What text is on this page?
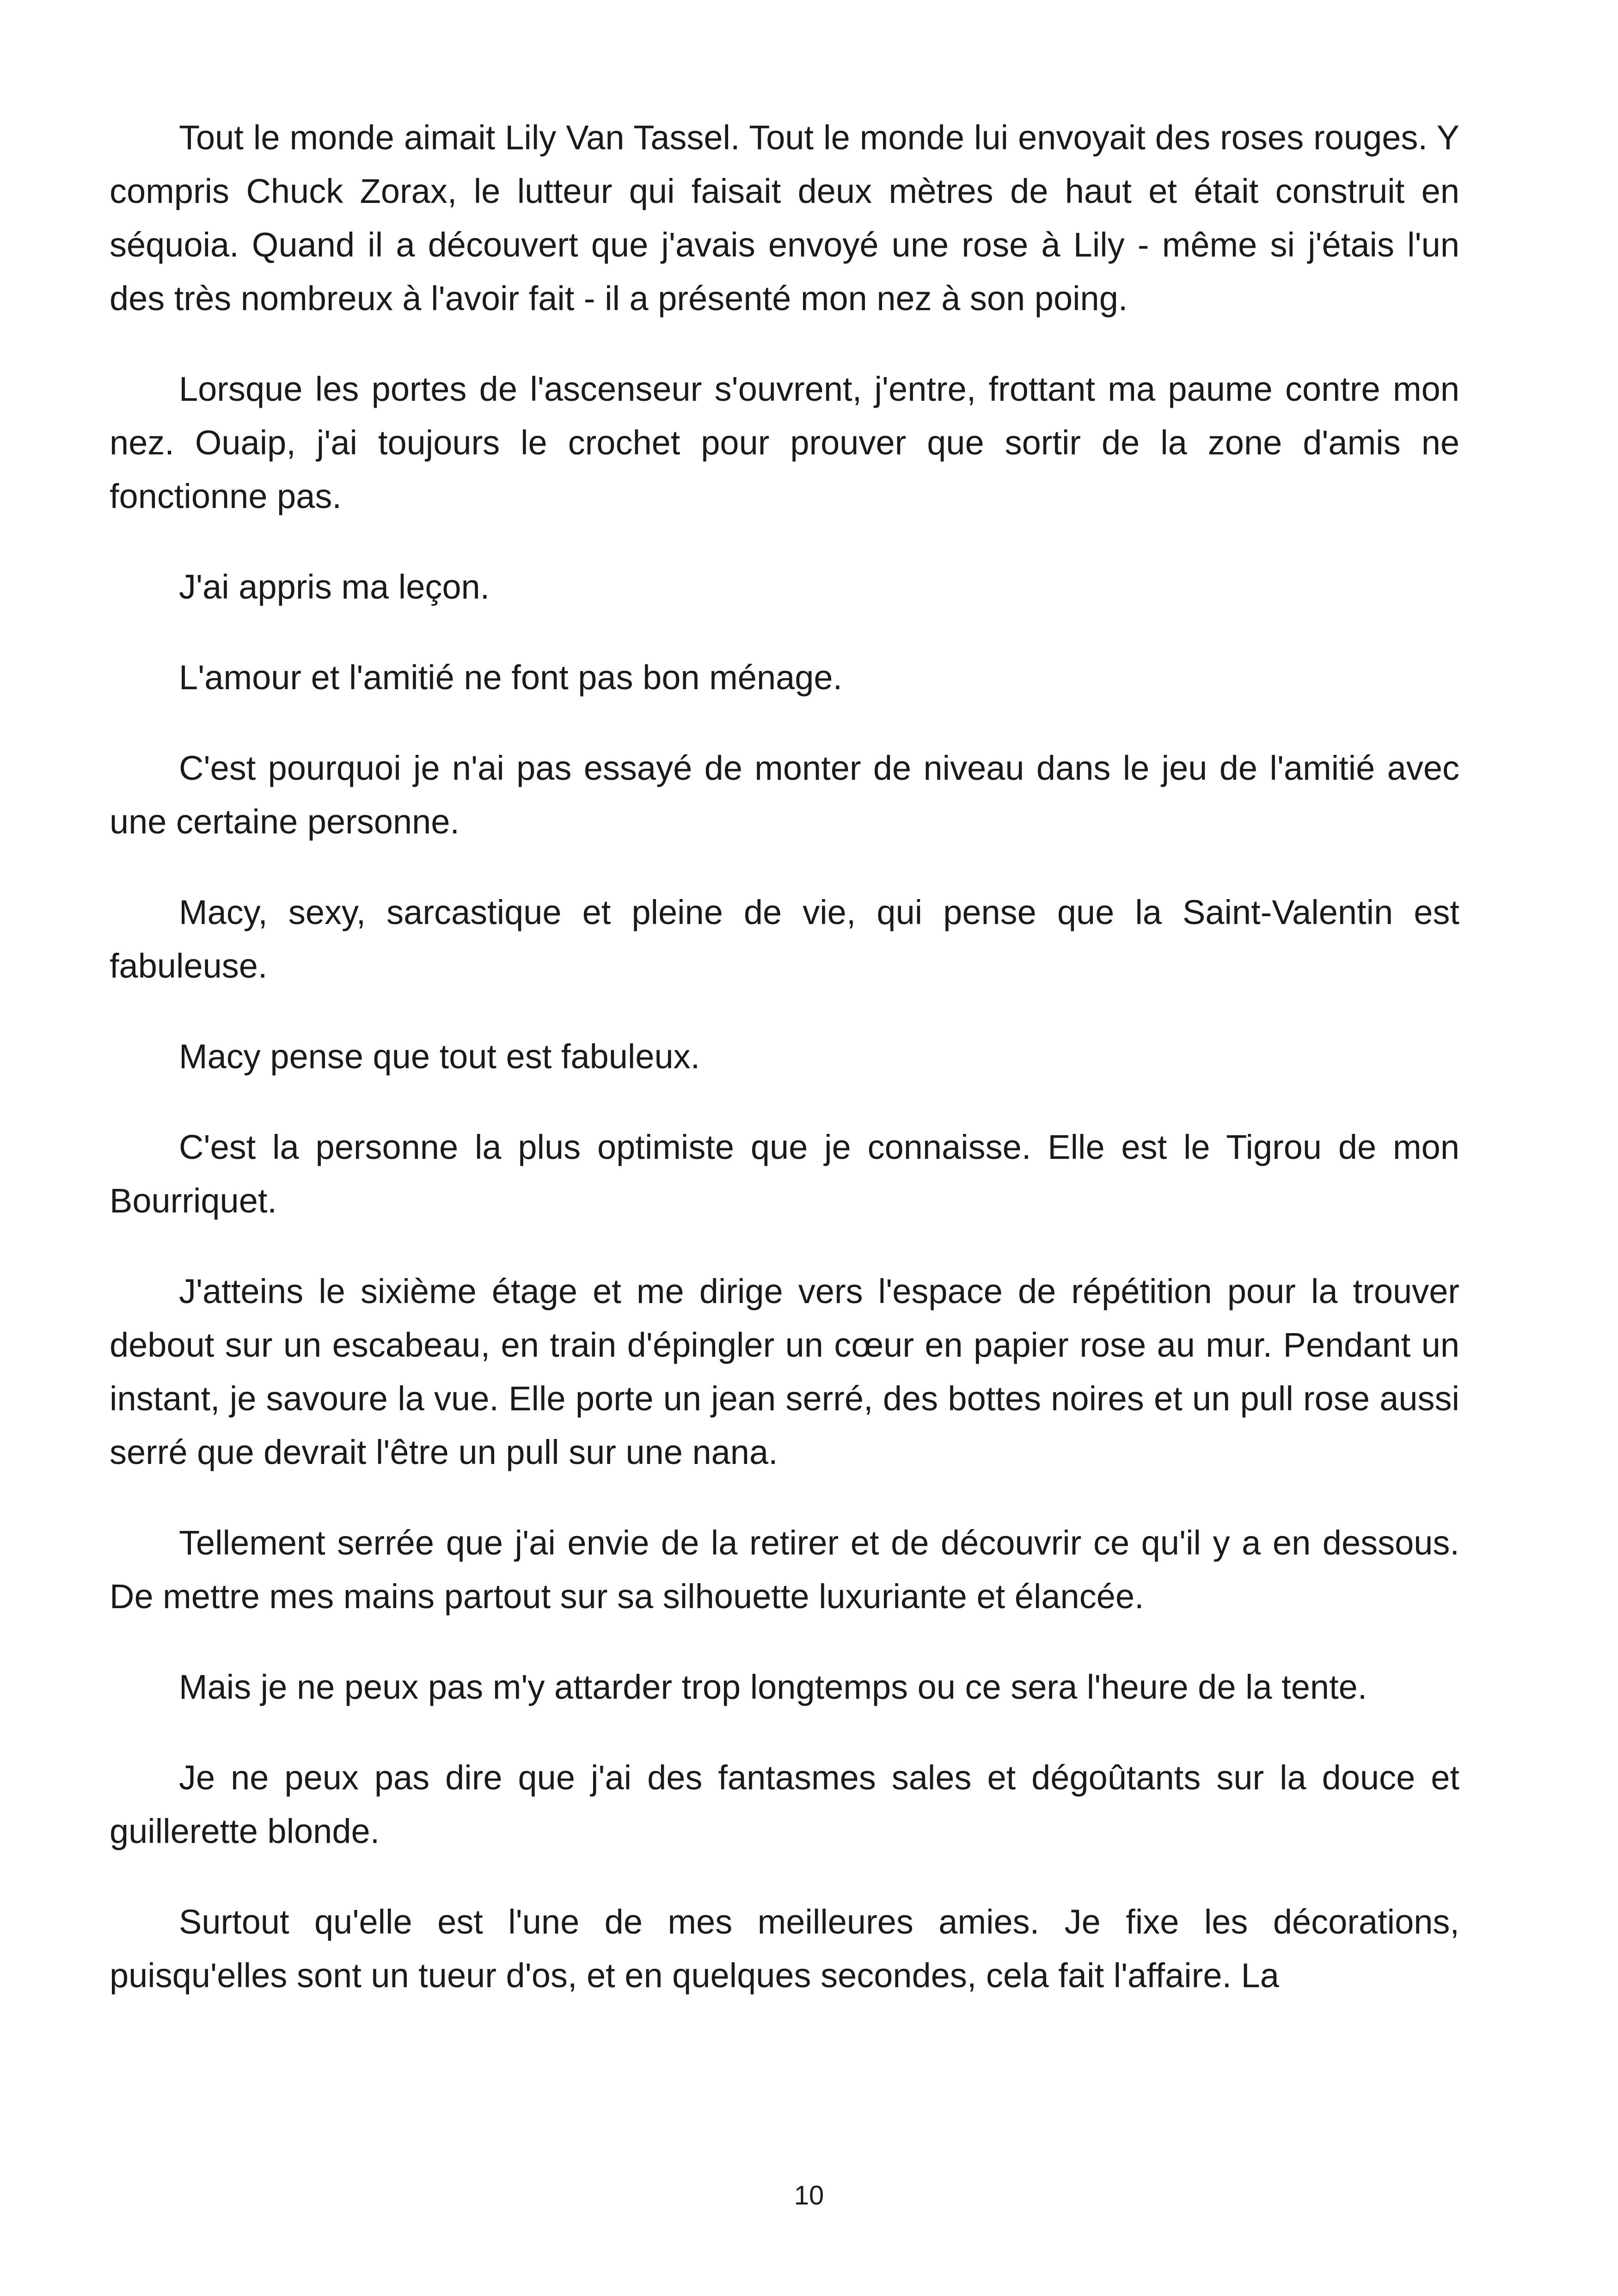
Tout le monde aimait Lily Van Tassel. Tout le monde lui envoyait des roses rouges. Y compris Chuck Zorax, le lutteur qui faisait deux mètres de haut et était construit en séquoia. Quand il a découvert que j'avais envoyé une rose à Lily - même si j'étais l'un des très nombreux à l'avoir fait - il a présenté mon nez à son poing.

Lorsque les portes de l'ascenseur s'ouvrent, j'entre, frottant ma paume contre mon nez. Ouaip, j'ai toujours le crochet pour prouver que sortir de la zone d'amis ne fonctionne pas.

J'ai appris ma leçon.

L'amour et l'amitié ne font pas bon ménage.

C'est pourquoi je n'ai pas essayé de monter de niveau dans le jeu de l'amitié avec une certaine personne.

Macy, sexy, sarcastique et pleine de vie, qui pense que la Saint-Valentin est fabuleuse.

Macy pense que tout est fabuleux.

C'est la personne la plus optimiste que je connaisse. Elle est le Tigrou de mon Bourriquet.

J'atteins le sixième étage et me dirige vers l'espace de répétition pour la trouver debout sur un escabeau, en train d'épingler un cœur en papier rose au mur. Pendant un instant, je savoure la vue. Elle porte un jean serré, des bottes noires et un pull rose aussi serré que devrait l'être un pull sur une nana.

Tellement serrée que j'ai envie de la retirer et de découvrir ce qu'il y a en dessous. De mettre mes mains partout sur sa silhouette luxuriante et élancée.

Mais je ne peux pas m'y attarder trop longtemps ou ce sera l'heure de la tente.

Je ne peux pas dire que j'ai des fantasmes sales et dégoûtants sur la douce et guillerette blonde.

Surtout qu'elle est l'une de mes meilleures amies. Je fixe les décorations, puisqu'elles sont un tueur d'os, et en quelques secondes, cela fait l'affaire. La

10
